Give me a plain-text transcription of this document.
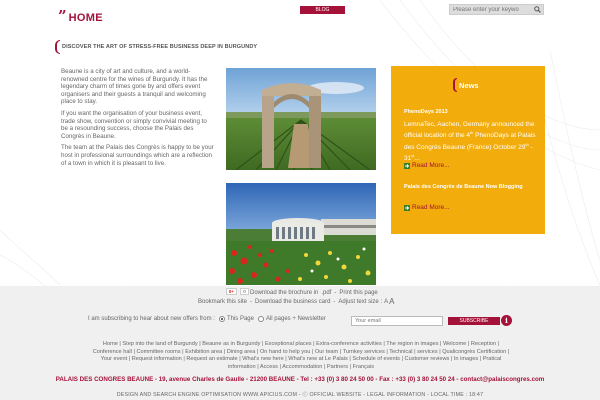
” HOME
BLOG
Please enter your keywo
DISCOVER THE ART OF STRESS-FREE BUSINESS DEEP IN BURGUNDY

Beaune is a city of art and culture, and a world-renowned centre for the wines of Burgundy. It has the legendary charm of times gone by and offers event organisers and their guests a tranquil and welcoming place to stay.

If you want the organisation of your business event, trade show, convention or simply convivial meeting to be a resounding success, choose the Palais des Congrès in Beaune.

The team at the Palais des Congrès is happy to be your host in professional surroundings which are a reflection of a town in which it is pleasant to live.

News
PhenoDays 2013
LemnaTec, Aachen, Germany announced the official location of the 4th PhenoDays at Palais des Congrès Beaune (France) October 29th - 31st...
Read More...
Palais des Congrès de Beaune Now Blogging
Read More...
8+	0 Download the brochure in .pdf - Print this page
Bookmark this site - Download the business card - Adjust text size : A A
I am subscribing to hear about new offers from : This Page All pages + Newsletter	Your email	SUBSCRIBE	i
Home | Step into the land of Burgundy | Beaune as in Burgundy | Exceptional places | Extra-conference activities | The region in images | Welcome | Reception | Conference hall | Committee rooms | Exhibition area | Dining area | On hand to help you | Our team | Turnkey services | Technical | services | Qualicongrès Certification | Your event | Request information | Request an estimate | What's new here | What's new at Le Palais | Schedule of events | Customer reviews | In images | Pratical information | Access | Accommodation | Partners | Français
PALAIS DES CONGRES BEAUNE - 19, avenue Charles de Gaulle - 21200 BEAUNE - Tel : +33 (0) 3 80 24 50 00 - Fax : +33 (0) 3 80 24 50 24 - contact@palaiscongres.com
DESIGN AND SEARCH ENGINE OPTIMISATION WWW.APICIUS.COM - Ⓒ OFFICIAL WEBSITE - LEGAL INFORMATION - LOCAL TIME : 18:47
